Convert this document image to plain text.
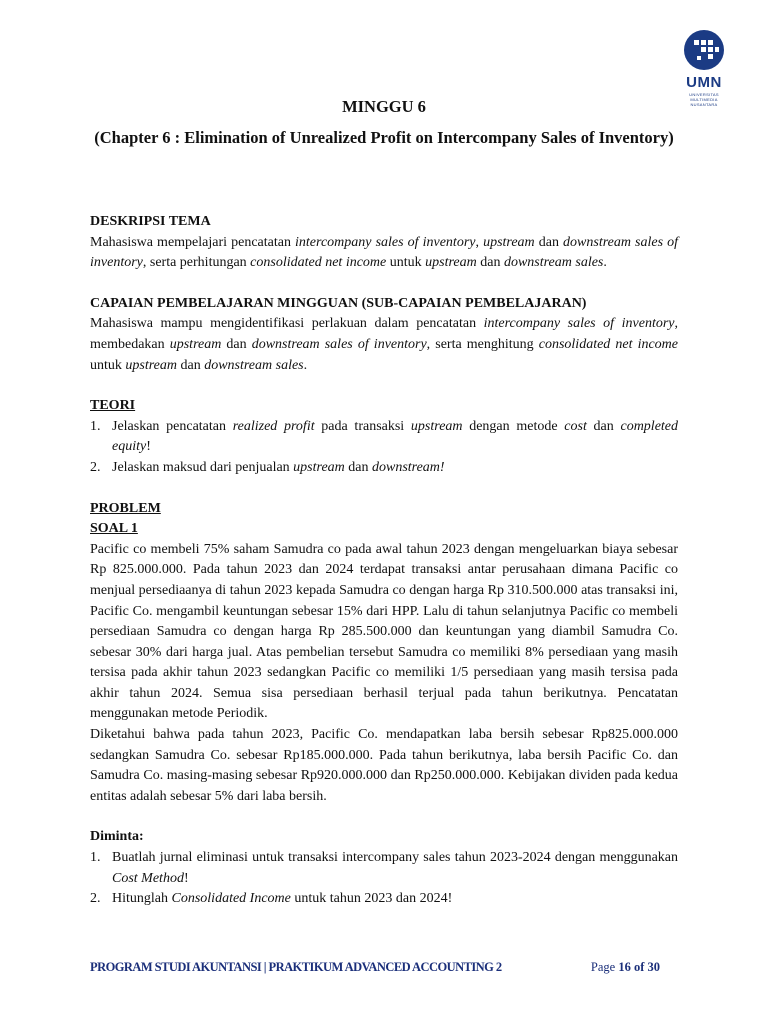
UMN
UNIVERSITAS MULTIMEDIA NUSANTARA
MINGGU 6
(Chapter 6 : Elimination of Unrealized Profit on Intercompany Sales of Inventory)
DESKRIPSI TEMA

Mahasiswa mempelajari pencatatan intercompany sales of inventory, upstream dan downstream sales of inventory, serta perhitungan consolidated net income untuk upstream dan downstream sales.

CAPAIAN PEMBELAJARAN MINGGUAN (SUB-CAPAIAN PEMBELAJARAN)

Mahasiswa mampu mengidentifikasi perlakuan dalam pencatatan intercompany sales of inventory, membedakan upstream dan downstream sales of inventory, serta menghitung consolidated net income untuk upstream dan downstream sales.

TEORI
1. Jelaskan pencatatan realized profit pada transaksi upstream dengan metode cost dan completed equity!
2. Jelaskan maksud dari penjualan upstream dan downstream!
PROBLEM
SOAL 1

Pacific co membeli 75% saham Samudra co pada awal tahun 2023 dengan mengeluarkan biaya sebesar Rp 825.000.000. Pada tahun 2023 dan 2024 terdapat transaksi antar perusahaan dimana Pacific co menjual persediaanya di tahun 2023 kepada Samudra co dengan harga Rp 310.500.000 atas transaksi ini, Pacific Co. mengambil keuntungan sebesar 15% dari HPP. Lalu di tahun selanjutnya Pacific co membeli persediaan Samudra co dengan harga Rp 285.500.000 dan keuntungan yang diambil Samudra Co. sebesar 30% dari harga jual. Atas pembelian tersebut Samudra co memiliki 8% persediaan yang masih tersisa pada akhir tahun 2023 sedangkan Pacific co memiliki 1/5 persediaan yang masih tersisa pada akhir tahun 2024. Semua sisa persediaan berhasil terjual pada tahun berikutnya. Pencatatan menggunakan metode Periodik.

Diketahui bahwa pada tahun 2023, Pacific Co. mendapatkan laba bersih sebesar Rp825.000.000 sedangkan Samudra Co. sebesar Rp185.000.000. Pada tahun berikutnya, laba bersih Pacific Co. dan Samudra Co. masing-masing sebesar Rp920.000.000 dan Rp250.000.000. Kebijakan dividen pada kedua entitas adalah sebesar 5% dari laba bersih.

Diminta:
1. Buatlah jurnal eliminasi untuk transaksi intercompany sales tahun 2023-2024 dengan menggunakan Cost Method!
2. Hitunglah Consolidated Income untuk tahun 2023 dan 2024!
PROGRAM STUDI AKUNTANSI | PRAKTIKUM ADVANCED ACCOUNTING 2	Page 16 of 30
